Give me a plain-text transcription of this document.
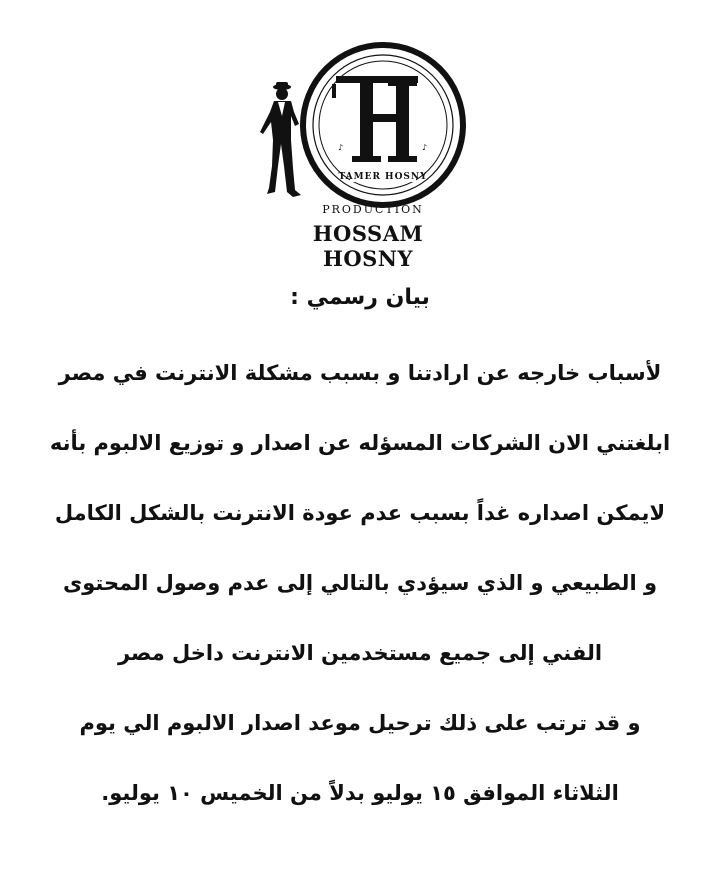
♪	♪
TAMER HOSNY
PRODUCTION
HOSSAM HOSNY

بيان رسمي :

لأسباب خارجه عن ارادتنا و بسبب مشكلة الانترنت في مصر

ابلغتني الان الشركات المسؤله عن اصدار و توزيع الالبوم بأنه

لايمكن اصداره غداً بسبب عدم عودة الانترنت بالشكل الكامل

و الطبيعي و الذي سيؤدي بالتالي إلى عدم وصول المحتوى

الفني إلى جميع مستخدمين الانترنت داخل مصر

و قد ترتب على ذلك ترحيل موعد اصدار الالبوم الي يوم

الثلاثاء الموافق ١٥ يوليو بدلاً من الخميس ١٠ يوليو.
